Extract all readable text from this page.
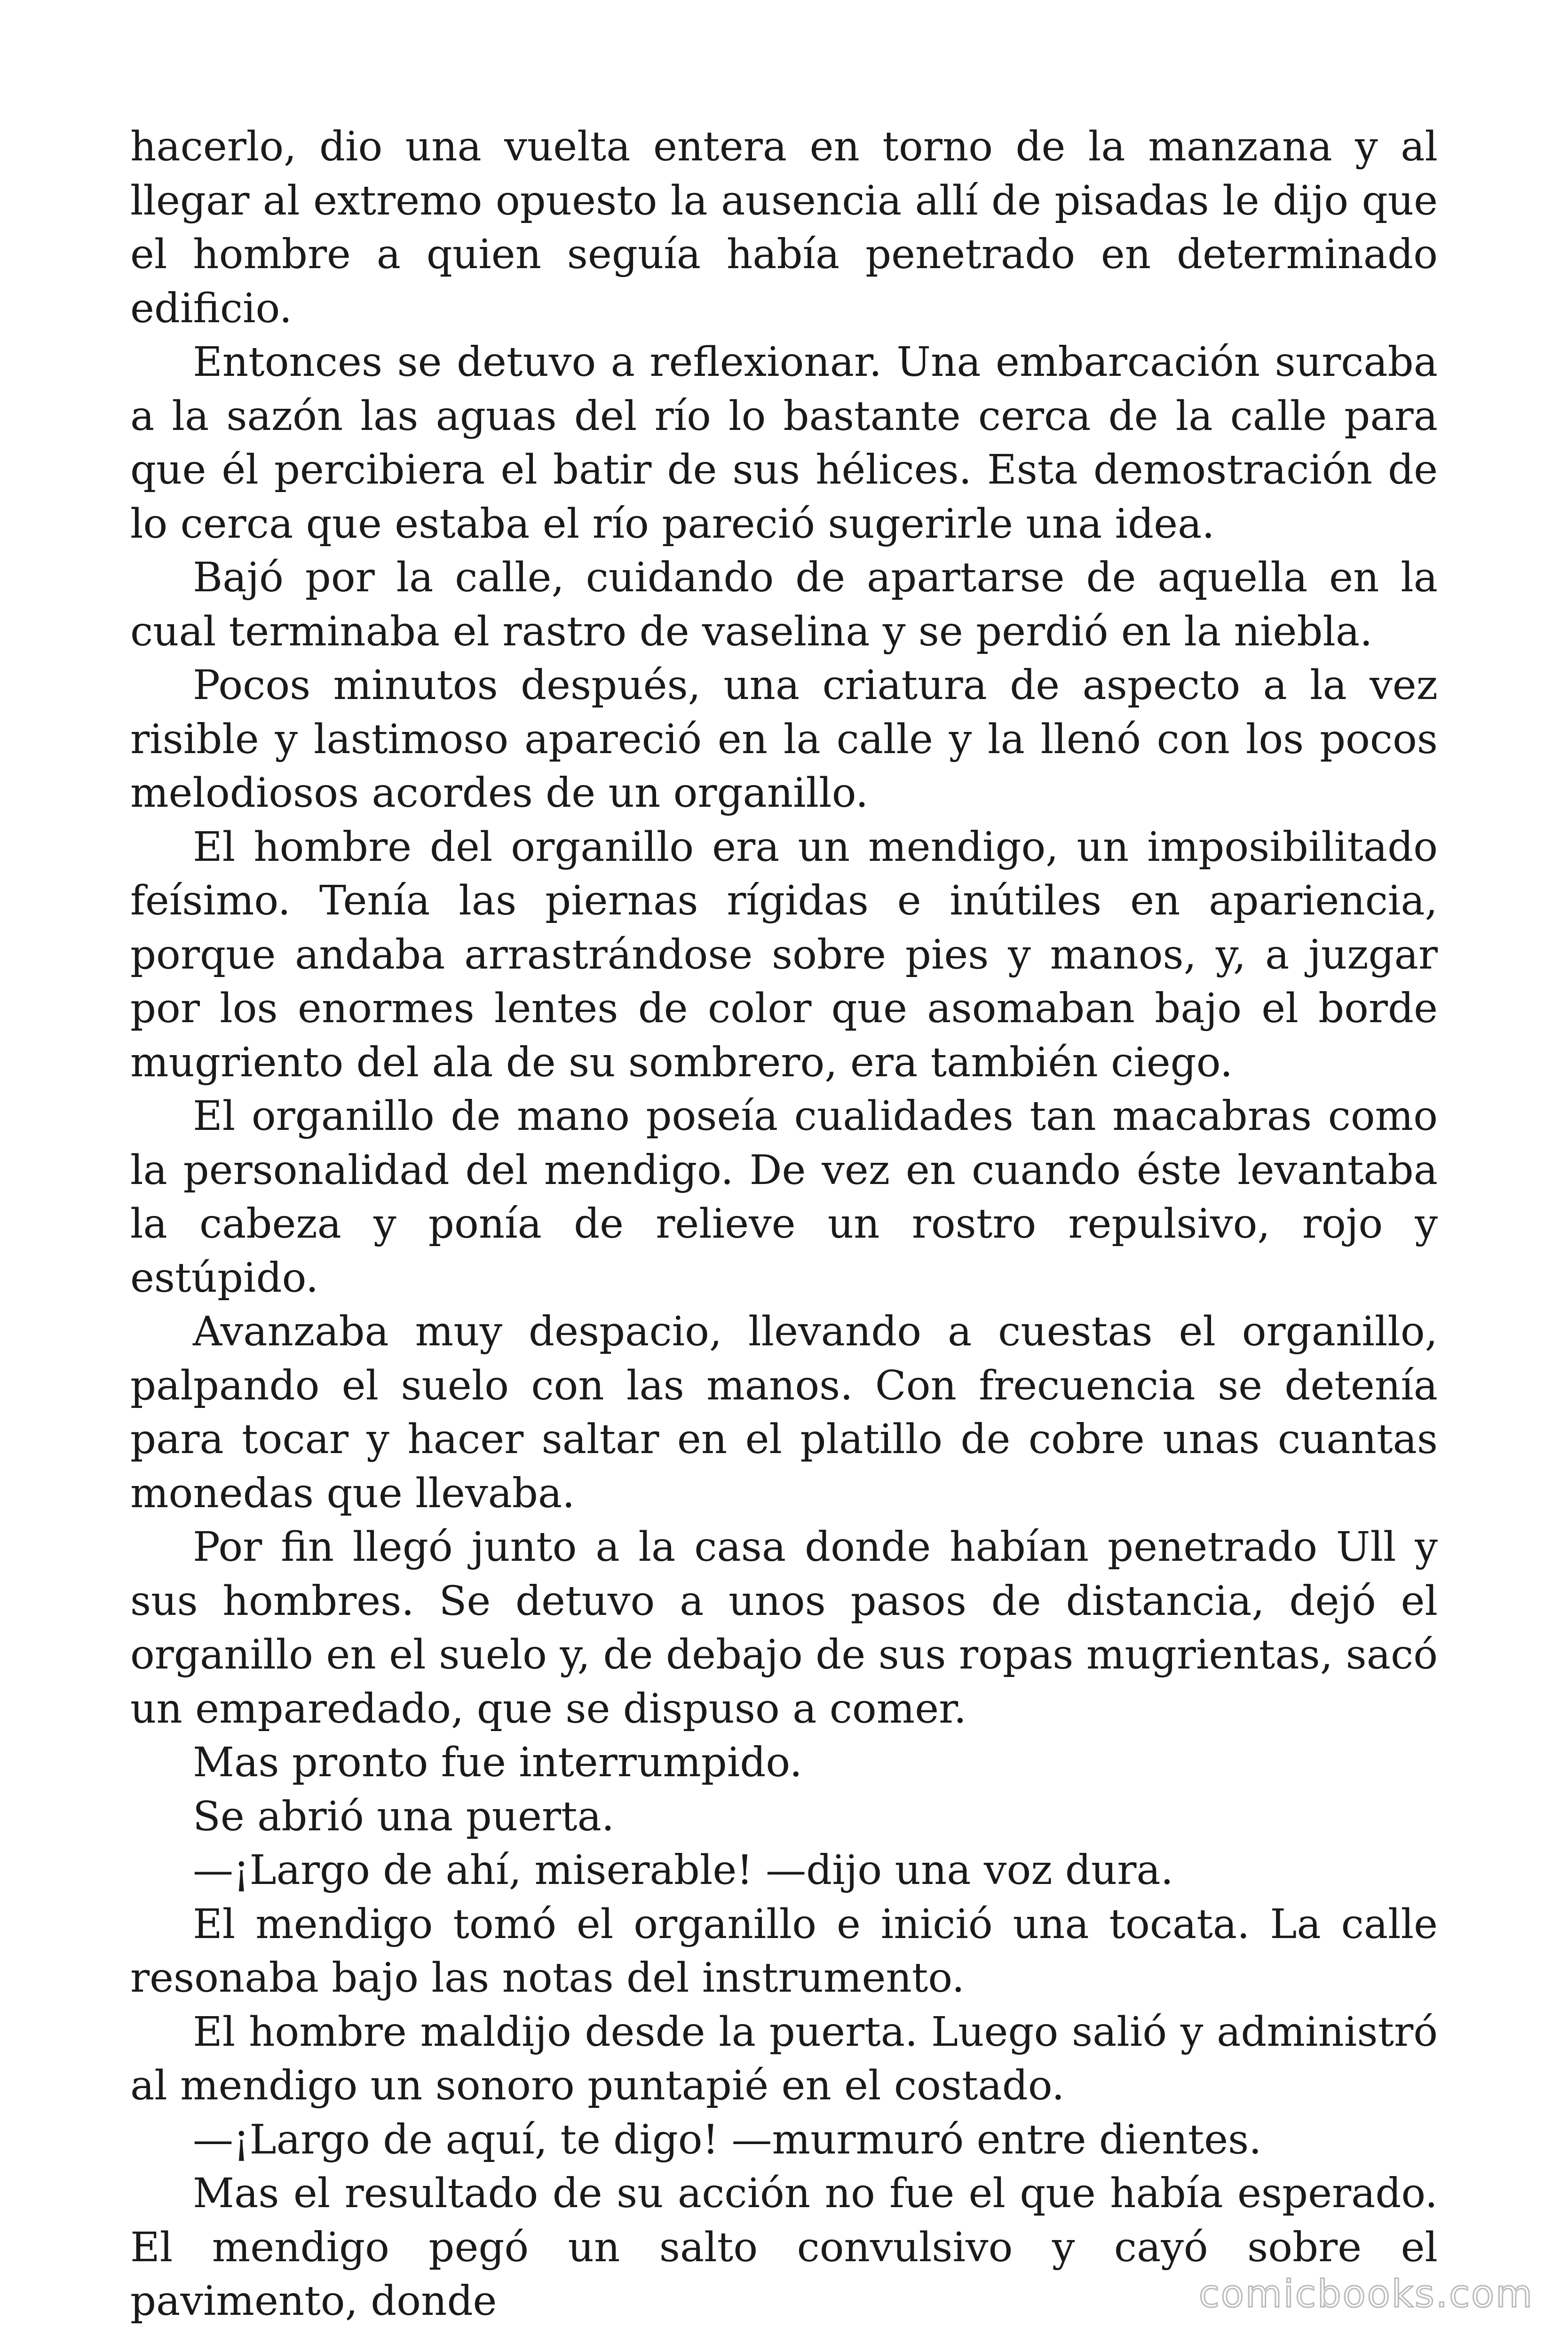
hacerlo, dio una vuelta entera en torno de la manzana y al llegar al extremo opuesto la ausencia allí de pisadas le dijo que el hombre a quien seguía había penetrado en determinado edificio.

Entonces se detuvo a reflexionar. Una embarcación surcaba a la sazón las aguas del río lo bastante cerca de la calle para que él percibiera el batir de sus hélices. Esta demostración de lo cerca que estaba el río pareció sugerirle una idea.

Bajó por la calle, cuidando de apartarse de aquella en la cual terminaba el rastro de vaselina y se perdió en la niebla.

Pocos minutos después, una criatura de aspecto a la vez risible y lastimoso apareció en la calle y la llenó con los pocos melodiosos acordes de un organillo.

El hombre del organillo era un mendigo, un imposibilitado feísimo. Tenía las piernas rígidas e inútiles en apariencia, porque andaba arrastrándose sobre pies y manos, y, a juzgar por los enormes lentes de color que asomaban bajo el borde mugriento del ala de su sombrero, era también ciego.

El organillo de mano poseía cualidades tan macabras como la personalidad del mendigo. De vez en cuando éste levantaba la cabeza y ponía de relieve un rostro repulsivo, rojo y estúpido.

Avanzaba muy despacio, llevando a cuestas el organillo, palpando el suelo con las manos. Con frecuencia se detenía para tocar y hacer saltar en el platillo de cobre unas cuantas monedas que llevaba.

Por fin llegó junto a la casa donde habían penetrado Ull y sus hombres. Se detuvo a unos pasos de distancia, dejó el organillo en el suelo y, de debajo de sus ropas mugrientas, sacó un emparedado, que se dispuso a comer.

Mas pronto fue interrumpido.

Se abrió una puerta.

—¡Largo de ahí, miserable! —dijo una voz dura.

El mendigo tomó el organillo e inició una tocata. La calle resonaba bajo las notas del instrumento.

El hombre maldijo desde la puerta. Luego salió y administró al mendigo un sonoro puntapié en el costado.

—¡Largo de aquí, te digo! —murmuró entre dientes.

Mas el resultado de su acción no fue el que había esperado. El mendigo pegó un salto convulsivo y cayó sobre el pavimento, donde	comicbooks.com
